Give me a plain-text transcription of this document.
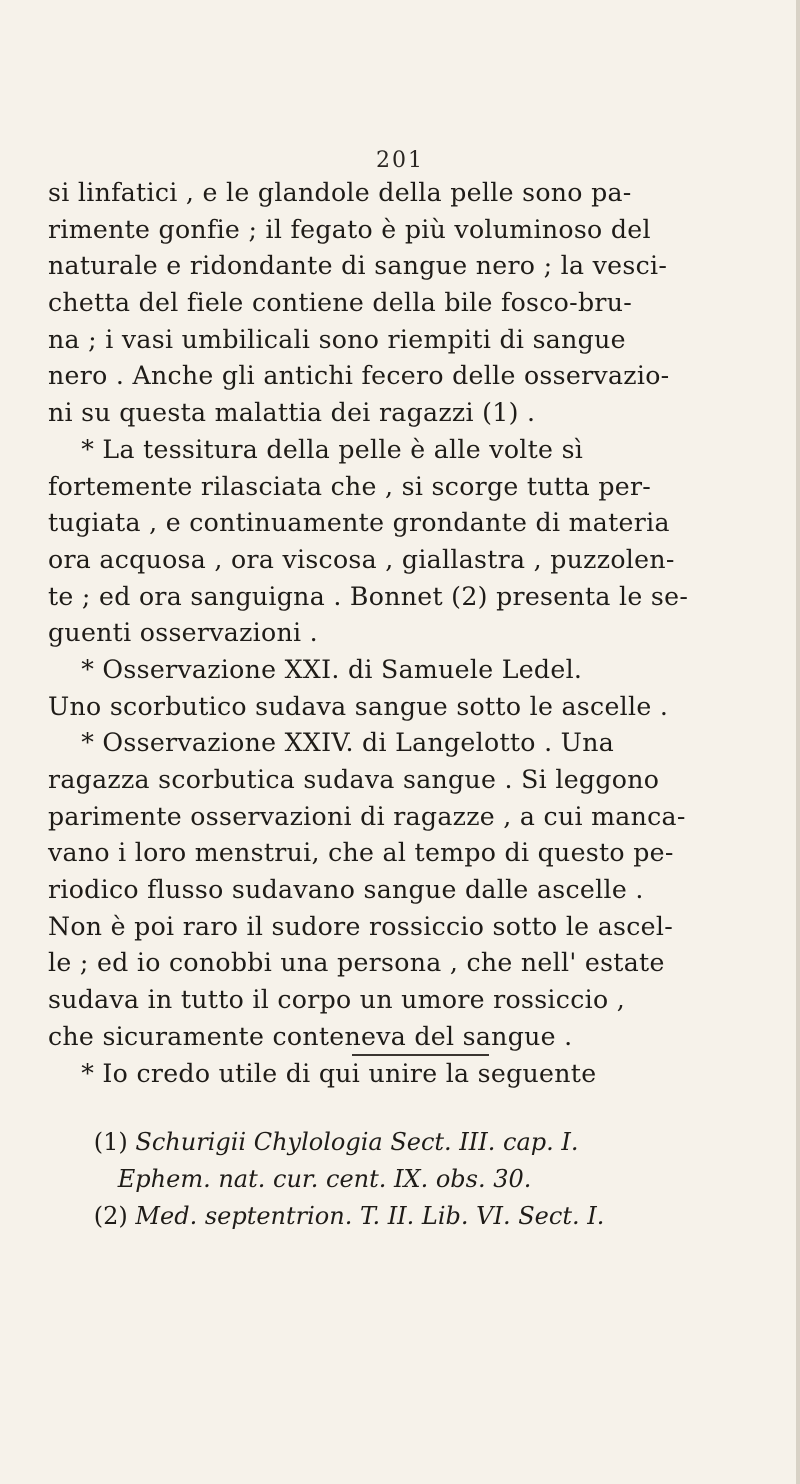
201
si linfatici , e le glandole della pelle sono pa-
rimente gonfie ; il fegato è più voluminoso del
naturale e ridondante di sangue nero ; la vesci-
chetta del fiele contiene della bile fosco-bru-
na ; i vasi umbilicali sono riempiti di sangue
nero . Anche gli antichi fecero delle osservazio-
ni su questa malattia dei ragazzi (1) .
* La tessitura della pelle è alle volte sì
fortemente rilasciata che , si scorge tutta per-
tugiata , e continuamente grondante di materia
ora acquosa , ora viscosa , giallastra , puzzolen-
te ; ed ora sanguigna . Bonnet (2) presenta le se-
guenti osservazioni .
* Osservazione XXI. di Samuele Ledel.
Uno scorbutico sudava sangue sotto le ascelle .
* Osservazione XXIV. di Langelotto . Una
ragazza scorbutica sudava sangue . Si leggono
parimente osservazioni di ragazze , a cui manca-
vano i loro menstrui, che al tempo di questo pe-
riodico flusso sudavano sangue dalle ascelle .
Non è poi raro il sudore rossiccio sotto le ascel-
le ; ed io conobbi una persona , che nell' estate
sudava in tutto il corpo un umore rossiccio ,
che sicuramente conteneva del sangue .
* Io credo utile di qui unire la seguente

(1) Schurigii Chylologia Sect. III. cap. I.

Ephem. nat. cur. cent. IX. obs. 30.

(2) Med. septentrion. T. II. Lib. VI. Sect. I.
